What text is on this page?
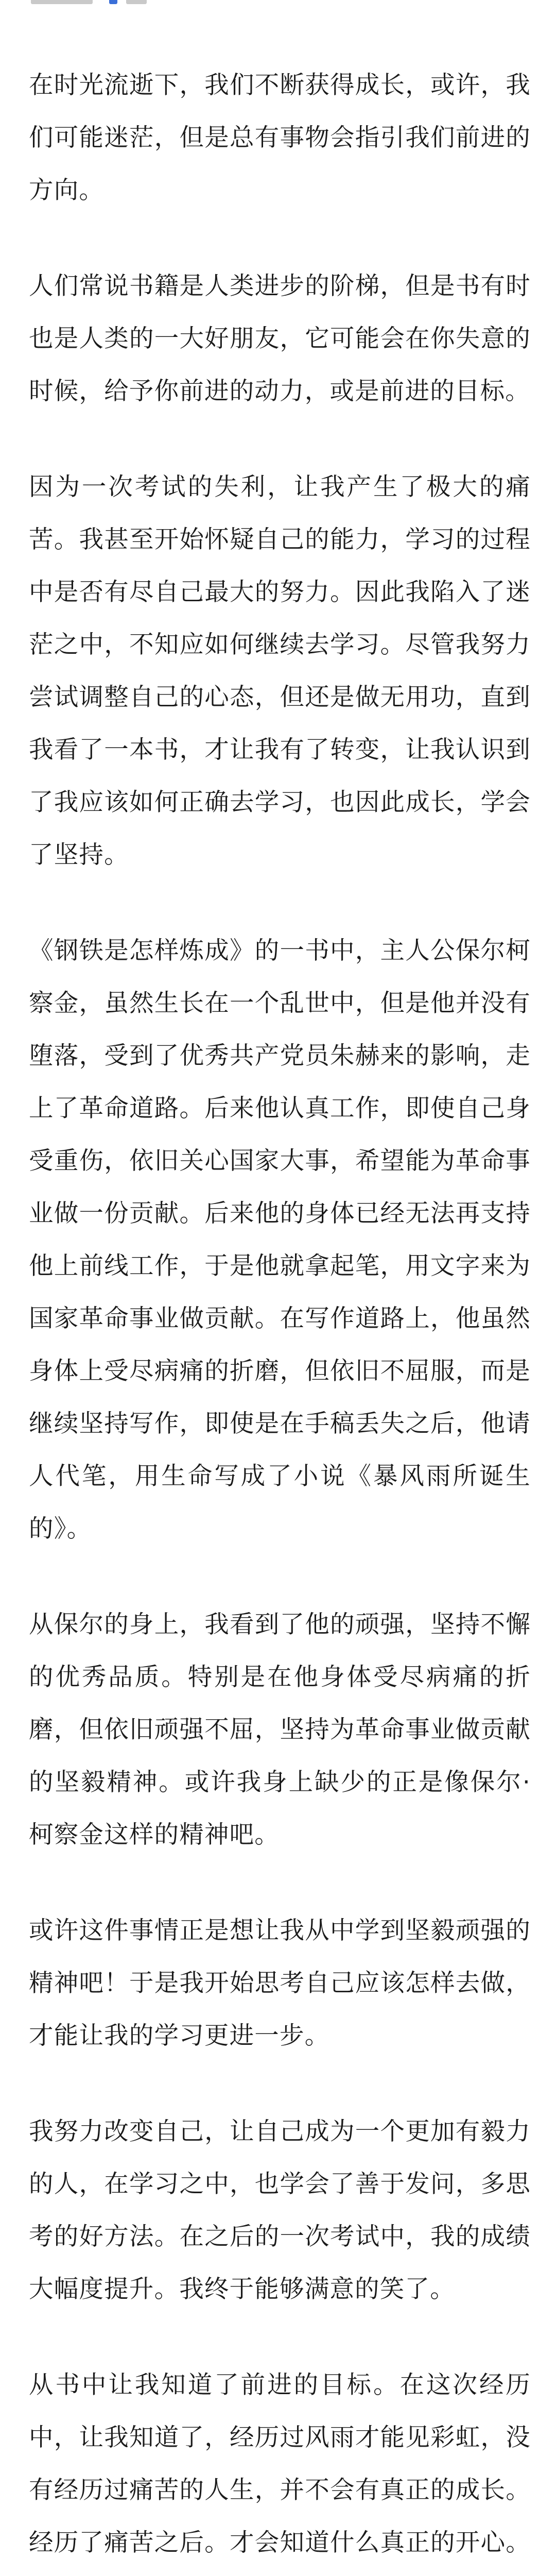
在时光流逝下，我们不断获得成长，或许，我们可能迷茫，但是总有事物会指引我们前进的方向。

人们常说书籍是人类进步的阶梯，但是书有时也是人类的一大好朋友，它可能会在你失意的时候，给予你前进的动力，或是前进的目标。

因为一次考试的失利，让我产生了极大的痛苦。我甚至开始怀疑自己的能力，学习的过程中是否有尽自己最大的努力。因此我陷入了迷茫之中，不知应如何继续去学习。尽管我努力尝试调整自己的心态，但还是做无用功，直到我看了一本书，才让我有了转变，让我认识到了我应该如何正确去学习，也因此成长，学会了坚持。

《钢铁是怎样炼成》的一书中，主人公保尔柯察金，虽然生长在一个乱世中，但是他并没有堕落，受到了优秀共产党员朱赫来的影响，走上了革命道路。后来他认真工作，即使自己身受重伤，依旧关心国家大事，希望能为革命事业做一份贡献。后来他的身体已经无法再支持他上前线工作，于是他就拿起笔，用文字来为国家革命事业做贡献。在写作道路上，他虽然身体上受尽病痛的折磨，但依旧不屈服，而是继续坚持写作，即使是在手稿丢失之后，他请人代笔，用生命写成了小说《暴风雨所诞生的》。

从保尔的身上，我看到了他的顽强，坚持不懈的优秀品质。特别是在他身体受尽病痛的折磨，但依旧顽强不屈，坚持为革命事业做贡献的坚毅精神。或许我身上缺少的正是像保尔·柯察金这样的精神吧。

或许这件事情正是想让我从中学到坚毅顽强的精神吧！于是我开始思考自己应该怎样去做，才能让我的学习更进一步。

我努力改变自己，让自己成为一个更加有毅力的人，在学习之中，也学会了善于发问，多思考的好方法。在之后的一次考试中，我的成绩大幅度提升。我终于能够满意的笑了。

从书中让我知道了前进的目标。在这次经历中，让我知道了，经历过风雨才能见彩虹，没有经历过痛苦的人生，并不会有真正的成长。经历了痛苦之后。才会知道什么真正的开心。
